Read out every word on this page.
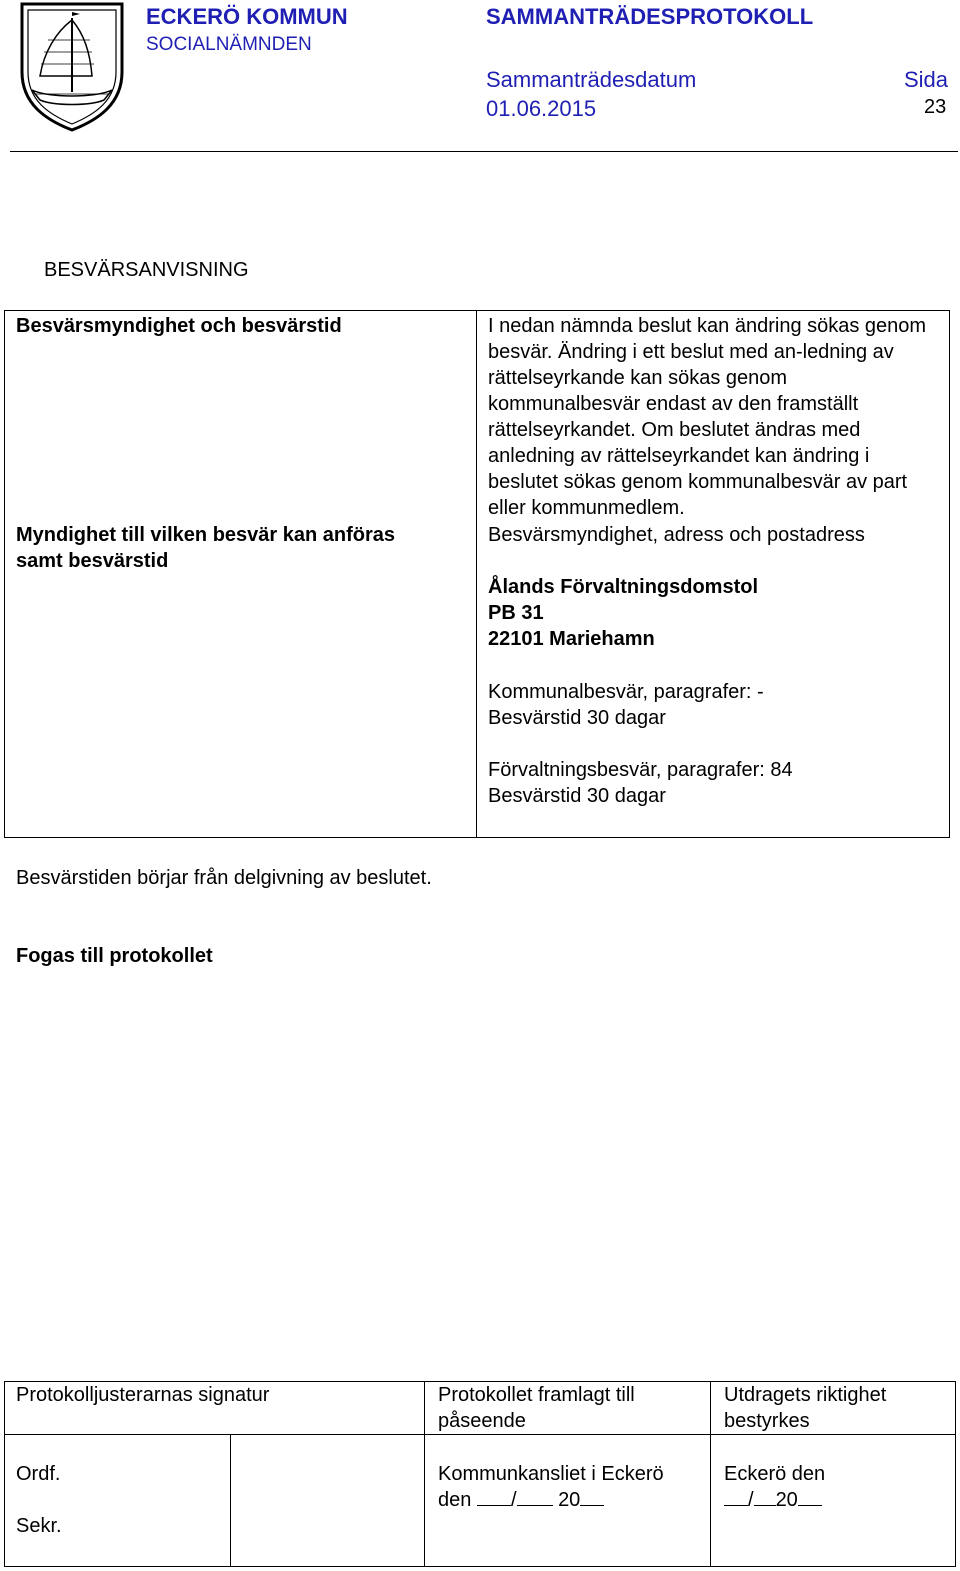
ECKERÖ KOMMUN
SOCIALNÄMNDEN
SAMMANTRÄDESPROTOKOLL
Sammanträdesdatum
01.06.2015
Sida
23
BESVÄRSANVISNING
Besvärsmyndighet och besvärstid	I nedan nämnda beslut kan ändring sökas genom besvär. Ändring i ett beslut med an-ledning av rättelseyrkande kan sökas genom kommunalbesvär endast av den framställt rättelseyrkandet. Om beslutet ändras med anledning av rättelseyrkandet kan ändring i beslutet sökas genom kommunalbesvär av part eller kommunmedlem.
Myndighet till vilken besvär kan anföras
samt besvärstid
Besvärsmyndighet, adress och postadress
Ålands Förvaltningsdomstol
PB 31
22101 Mariehamn
Kommunalbesvär, paragrafer: -
Besvärstid 30 dagar
Förvaltningsbesvär, paragrafer: 84
Besvärstid 30 dagar
Besvärstiden börjar från delgivning av beslutet.
Fogas till protokollet
Protokolljusterarnas signatur	Protokollet framlagt till
påseende
Utdragets riktighet
bestyrkes
Ordf.
Sekr.
Kommunkansliet i Eckerö
den / 20
Eckerö den
/ 20
